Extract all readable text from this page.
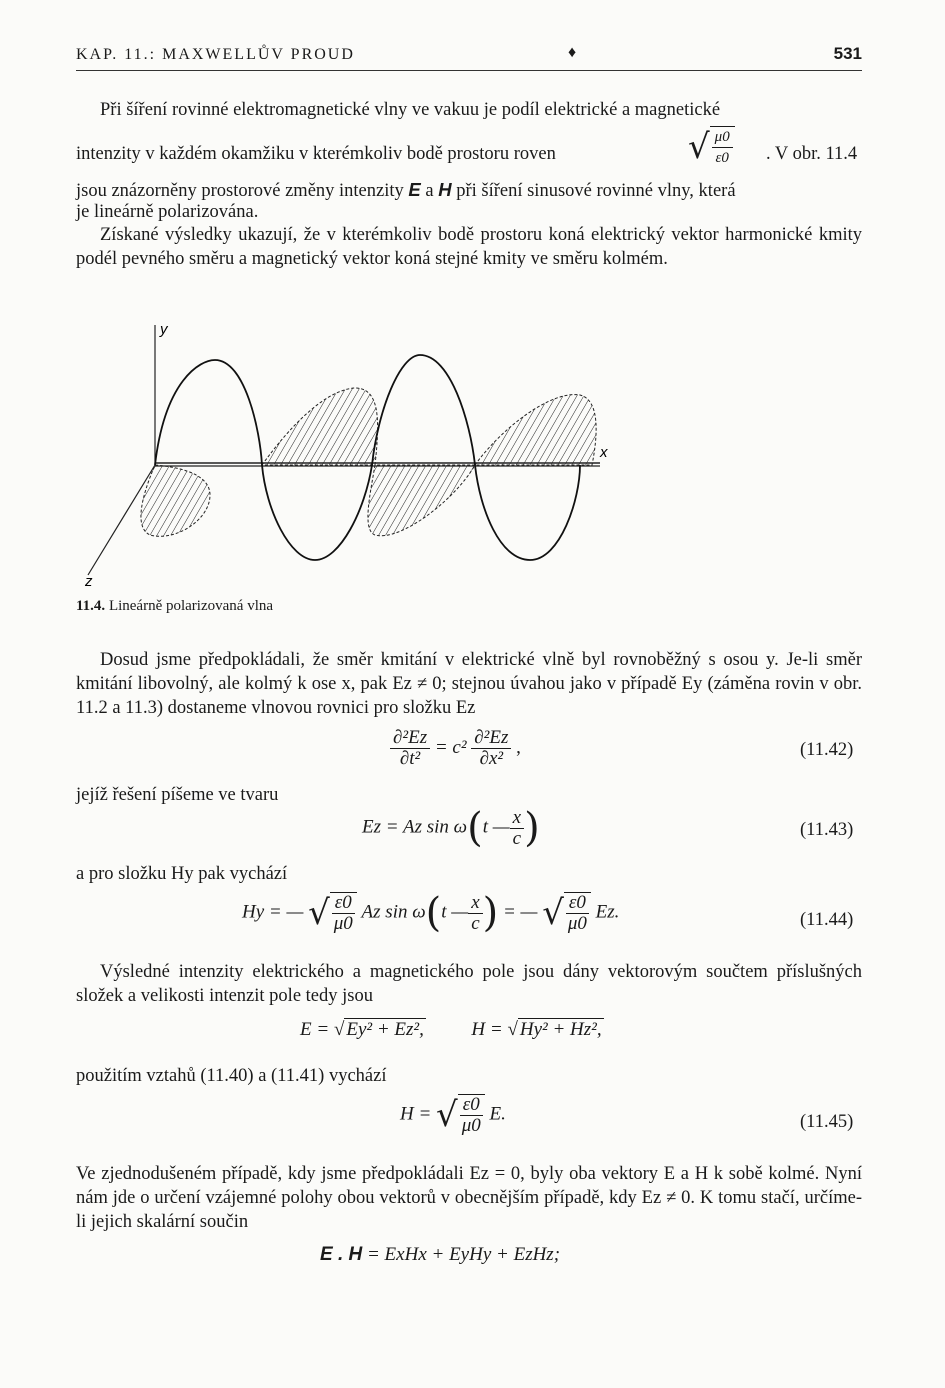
KAP. 11.: MAXWELLŮV PROUD	♦	531
Při šíření rovinné elektromagnetické vlny ve vakuu je podíl elektrické a magnetické
intenzity v každém okamžiku v kterémkoliv bodě prostoru roven	√ $\frac{\mu 0}{\varepsilon 0}$ . V obr. 11.4
jsou znázorněny prostorové změny intenzity E a H při šíření sinusové rovinné vlny, která
je lineárně polarizována.
Získané výsledky ukazují, že v kterémkoliv bodě prostoru koná elektrický vektor harmonické kmity podél pevného směru a magnetický vektor koná stejné kmity ve směru kolmém.
y
z
x
11.4. Lineárně polarizovaná vlna
Dosud jsme předpokládali, že směr kmitání v elektrické vlně byl rovnoběžný s osou y. Je-li směr kmitání libovolný, ale kolmý k ose x, pak Ez ≠ 0; stejnou úvahou jako v případě Ey (záměna rovin v obr. 11.2 a 11.3) dostaneme vlnovou rovnici pro složku Ez
$\frac{\text{∂²Ez}}{\text{∂t²}} = c^2 \frac{\text{∂²Ez}}{\text{∂x²}}$ ,	(11.42)
jejíž řešení píšeme ve tvaru
Ez = Az sin ω(t — $\frac{x}{c}$ )	(11.43)
a pro složku Hy pak vychází
Hy = — √ $\frac{\varepsilon 0}{\mu 0}$ Az sin ω(t — $\frac{x}{c}$ ) = — √ $\frac{\varepsilon 0}{\mu 0} Ez$.	(11.44)
Výsledné intenzity elektrického a magnetického pole jsou dány vektorovým součtem příslušných složek a velikosti intenzit pole tedy jsou
E = √ Ey² + Ez²,	H = √ Hy² + Hz²,
použitím vztahů (11.40) a (11.41) vychází
H = √ $\frac{\varepsilon 0}{\mu 0} E$.	(11.45)
Ve zjednodušeném případě, kdy jsme předpokládali Ez = 0, byly oba vektory E a H k sobě kolmé. Nyní nám jde o určení vzájemné polohy obou vektorů v obecnějším případě, kdy Ez ≠ 0. K tomu stačí, určíme-li jejich skalární součin
E . H = ExHx + EyHy + EzHz;
